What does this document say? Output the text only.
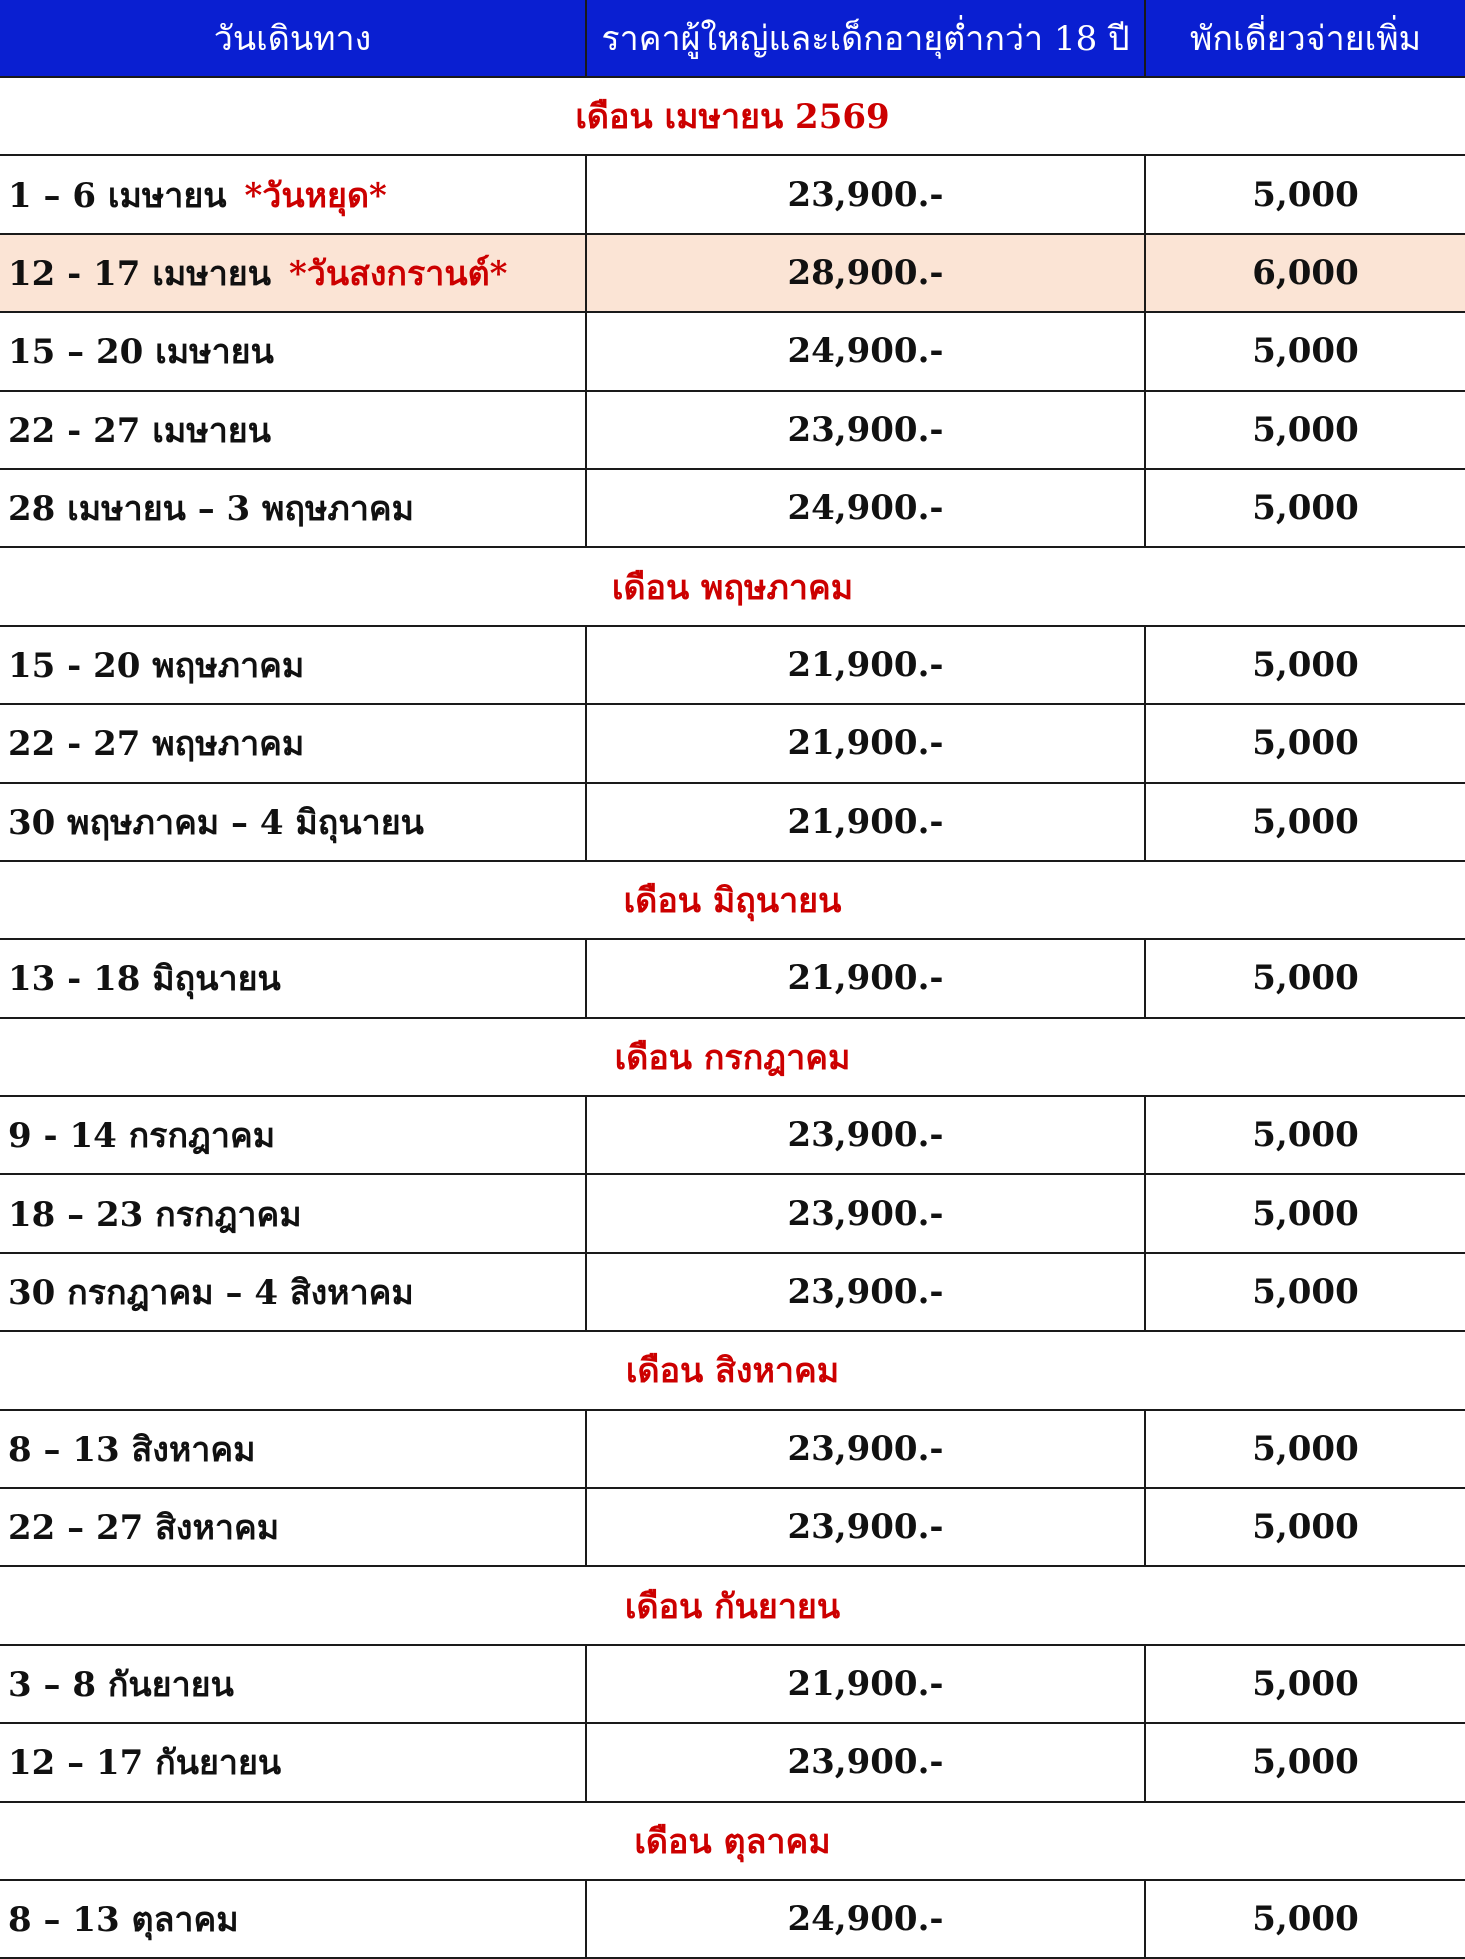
วันเดินทาง	ราคาผู้ใหญ่และเด็กอายุต่ำกว่า 18 ปี	พักเดี่ยวจ่ายเพิ่ม
เดือน เมษายน 2569
1 – 6 เมษายน *วันหยุด*	23,900.-	5,000
12 - 17 เมษายน *วันสงกรานต์*	28,900.-	6,000
15 – 20 เมษายน	24,900.-	5,000
22 - 27 เมษายน	23,900.-	5,000
28 เมษายน – 3 พฤษภาคม	24,900.-	5,000
เดือน พฤษภาคม
15 - 20 พฤษภาคม	21,900.-	5,000
22 - 27 พฤษภาคม	21,900.-	5,000
30 พฤษภาคม – 4 มิถุนายน	21,900.-	5,000
เดือน มิถุนายน
13 - 18 มิถุนายน	21,900.-	5,000
เดือน กรกฎาคม
9 - 14 กรกฎาคม	23,900.-	5,000
18 – 23 กรกฎาคม	23,900.-	5,000
30 กรกฎาคม – 4 สิงหาคม	23,900.-	5,000
เดือน สิงหาคม
8 – 13 สิงหาคม	23,900.-	5,000
22 – 27 สิงหาคม	23,900.-	5,000
เดือน กันยายน
3 – 8 กันยายน	21,900.-	5,000
12 – 17 กันยายน	23,900.-	5,000
เดือน ตุลาคม
8 – 13 ตุลาคม	24,900.-	5,000
